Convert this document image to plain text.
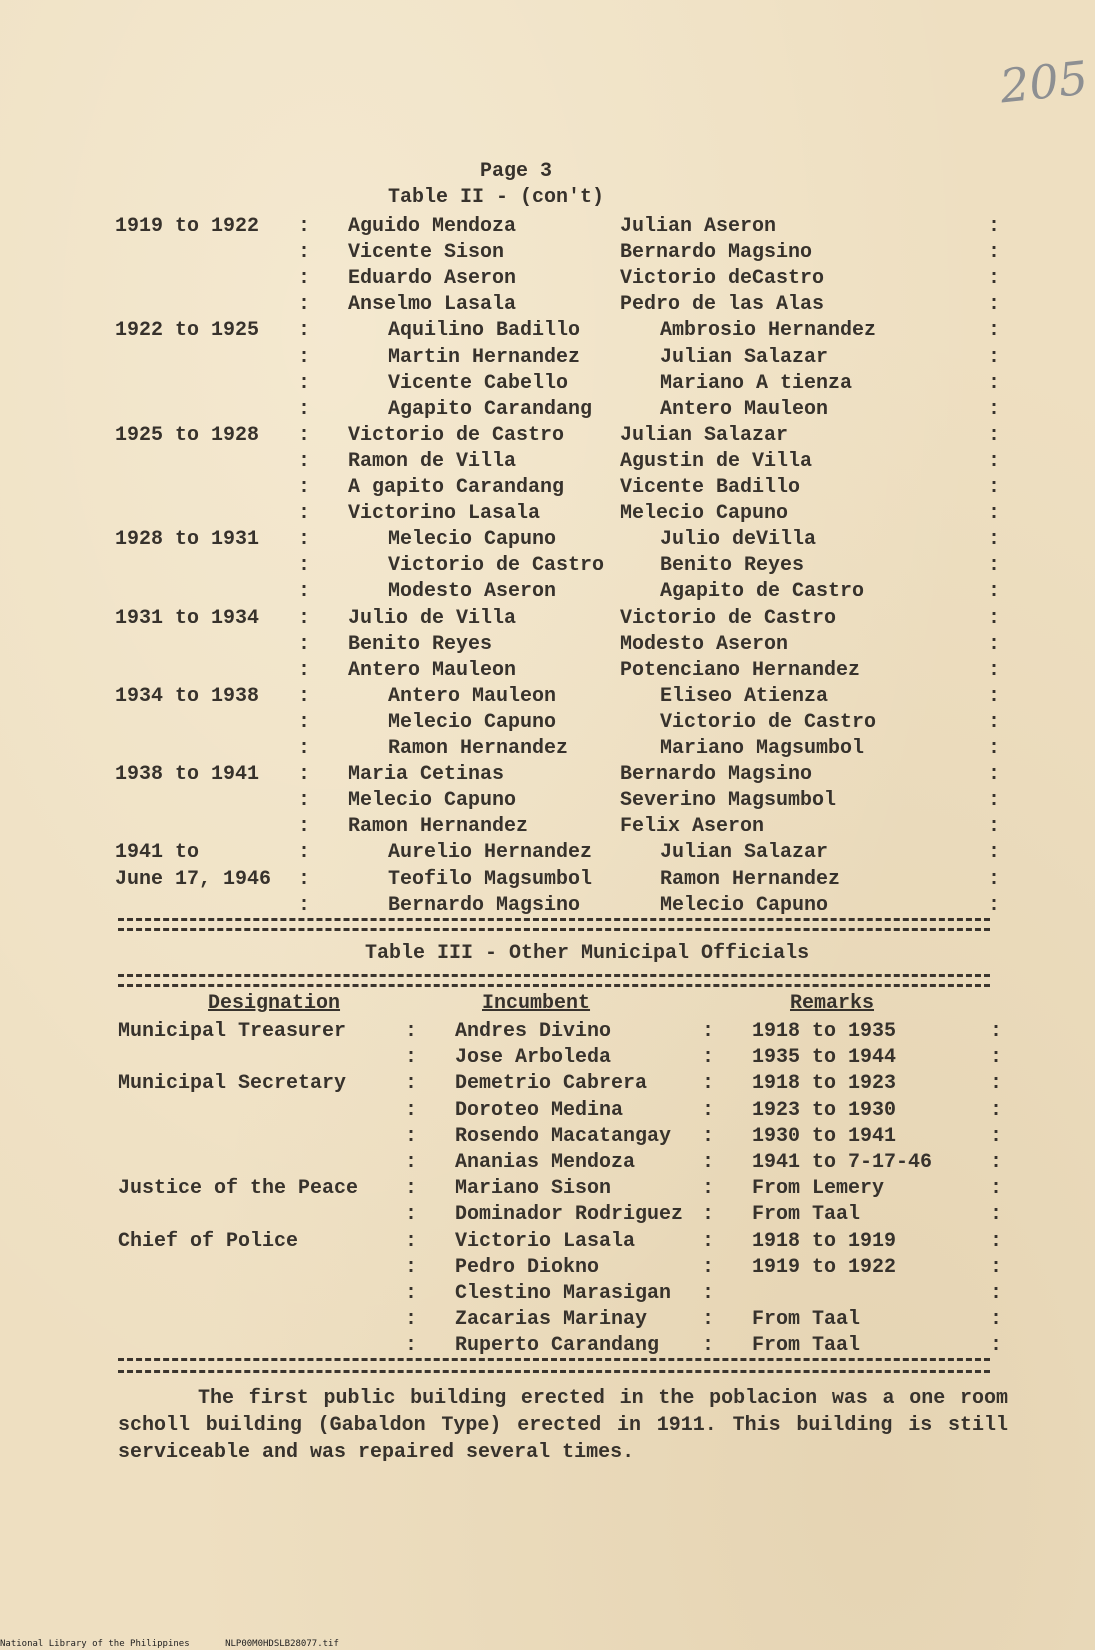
205
Page 3
Table II - (con't)
1919 to 1922 : Aguido Mendoza	Julian Aseron	:
: Vicente Sison	Bernardo Magsino	:
: Eduardo Aseron	Victorio deCastro	:
: Anselmo Lasala	Pedro de las Alas	:
1922 to 1925 :	Aquilino Badillo	Ambrosio Hernandez	:
:	Martin Hernandez	Julian Salazar	:
:	Vicente Cabello	Mariano A tienza	:
:	Agapito Carandang	Antero Mauleon	:
1925 to 1928 : Victorio de Castro	Julian Salazar	:
: Ramon de Villa	Agustin de Villa	:
: A gapito Carandang	Vicente Badillo	:
: Victorino Lasala	Melecio Capuno	:
1928 to 1931 :	Melecio Capuno	Julio deVilla	:
:	Victorio de Castro	Benito Reyes	:
:	Modesto Aseron	Agapito de Castro	:
1931 to 1934 : Julio de Villa	Victorio de Castro	:
: Benito Reyes	Modesto Aseron	:
: Antero Mauleon	Potenciano Hernandez	:
1934 to 1938 :	Antero Mauleon	Eliseo Atienza	:
:	Melecio Capuno	Victorio de Castro	:
:	Ramon Hernandez	Mariano Magsumbol	:
1938 to 1941 : Maria Cetinas	Bernardo Magsino	:
: Melecio Capuno	Severino Magsumbol	:
: Ramon Hernandez	Felix Aseron	:
1941 to	:	Aurelio Hernandez	Julian Salazar	:
June 17, 1946 :	Teofilo Magsumbol	Ramon Hernandez	:
:	Bernardo Magsino	Melecio Capuno	:
Table III - Other Municipal Officials
Designation	Incumbent	Remarks
Municipal Treasurer	: Andres Divino	: 1918 to 1935	:
: Jose Arboleda	: 1935 to 1944	:
Municipal Secretary	: Demetrio Cabrera	: 1918 to 1923	:
: Doroteo Medina	: 1923 to 1930	:
: Rosendo Macatangay : 1930 to 1941	:
: Ananias Mendoza	: 1941 to 7-17-46	:
Justice of the Peace : Mariano Sison	: From Lemery	:
: Dominador Rodriguez : From Taal	:
Chief of Police	: Victorio Lasala	: 1918 to 1919	:
: Pedro Diokno	: 1919 to 1922	:
: Clestino Marasigan :	:
: Zacarias Marinay	: From Taal	:
: Ruperto Carandang : From Taal	:

The first public building erected in the poblacion was a one room scholl building (Gabaldon Type) erected in 1911. This building is still serviceable and was repaired several times.

National Library of the Philippines	NLP00M0HDSLB28077.tif
